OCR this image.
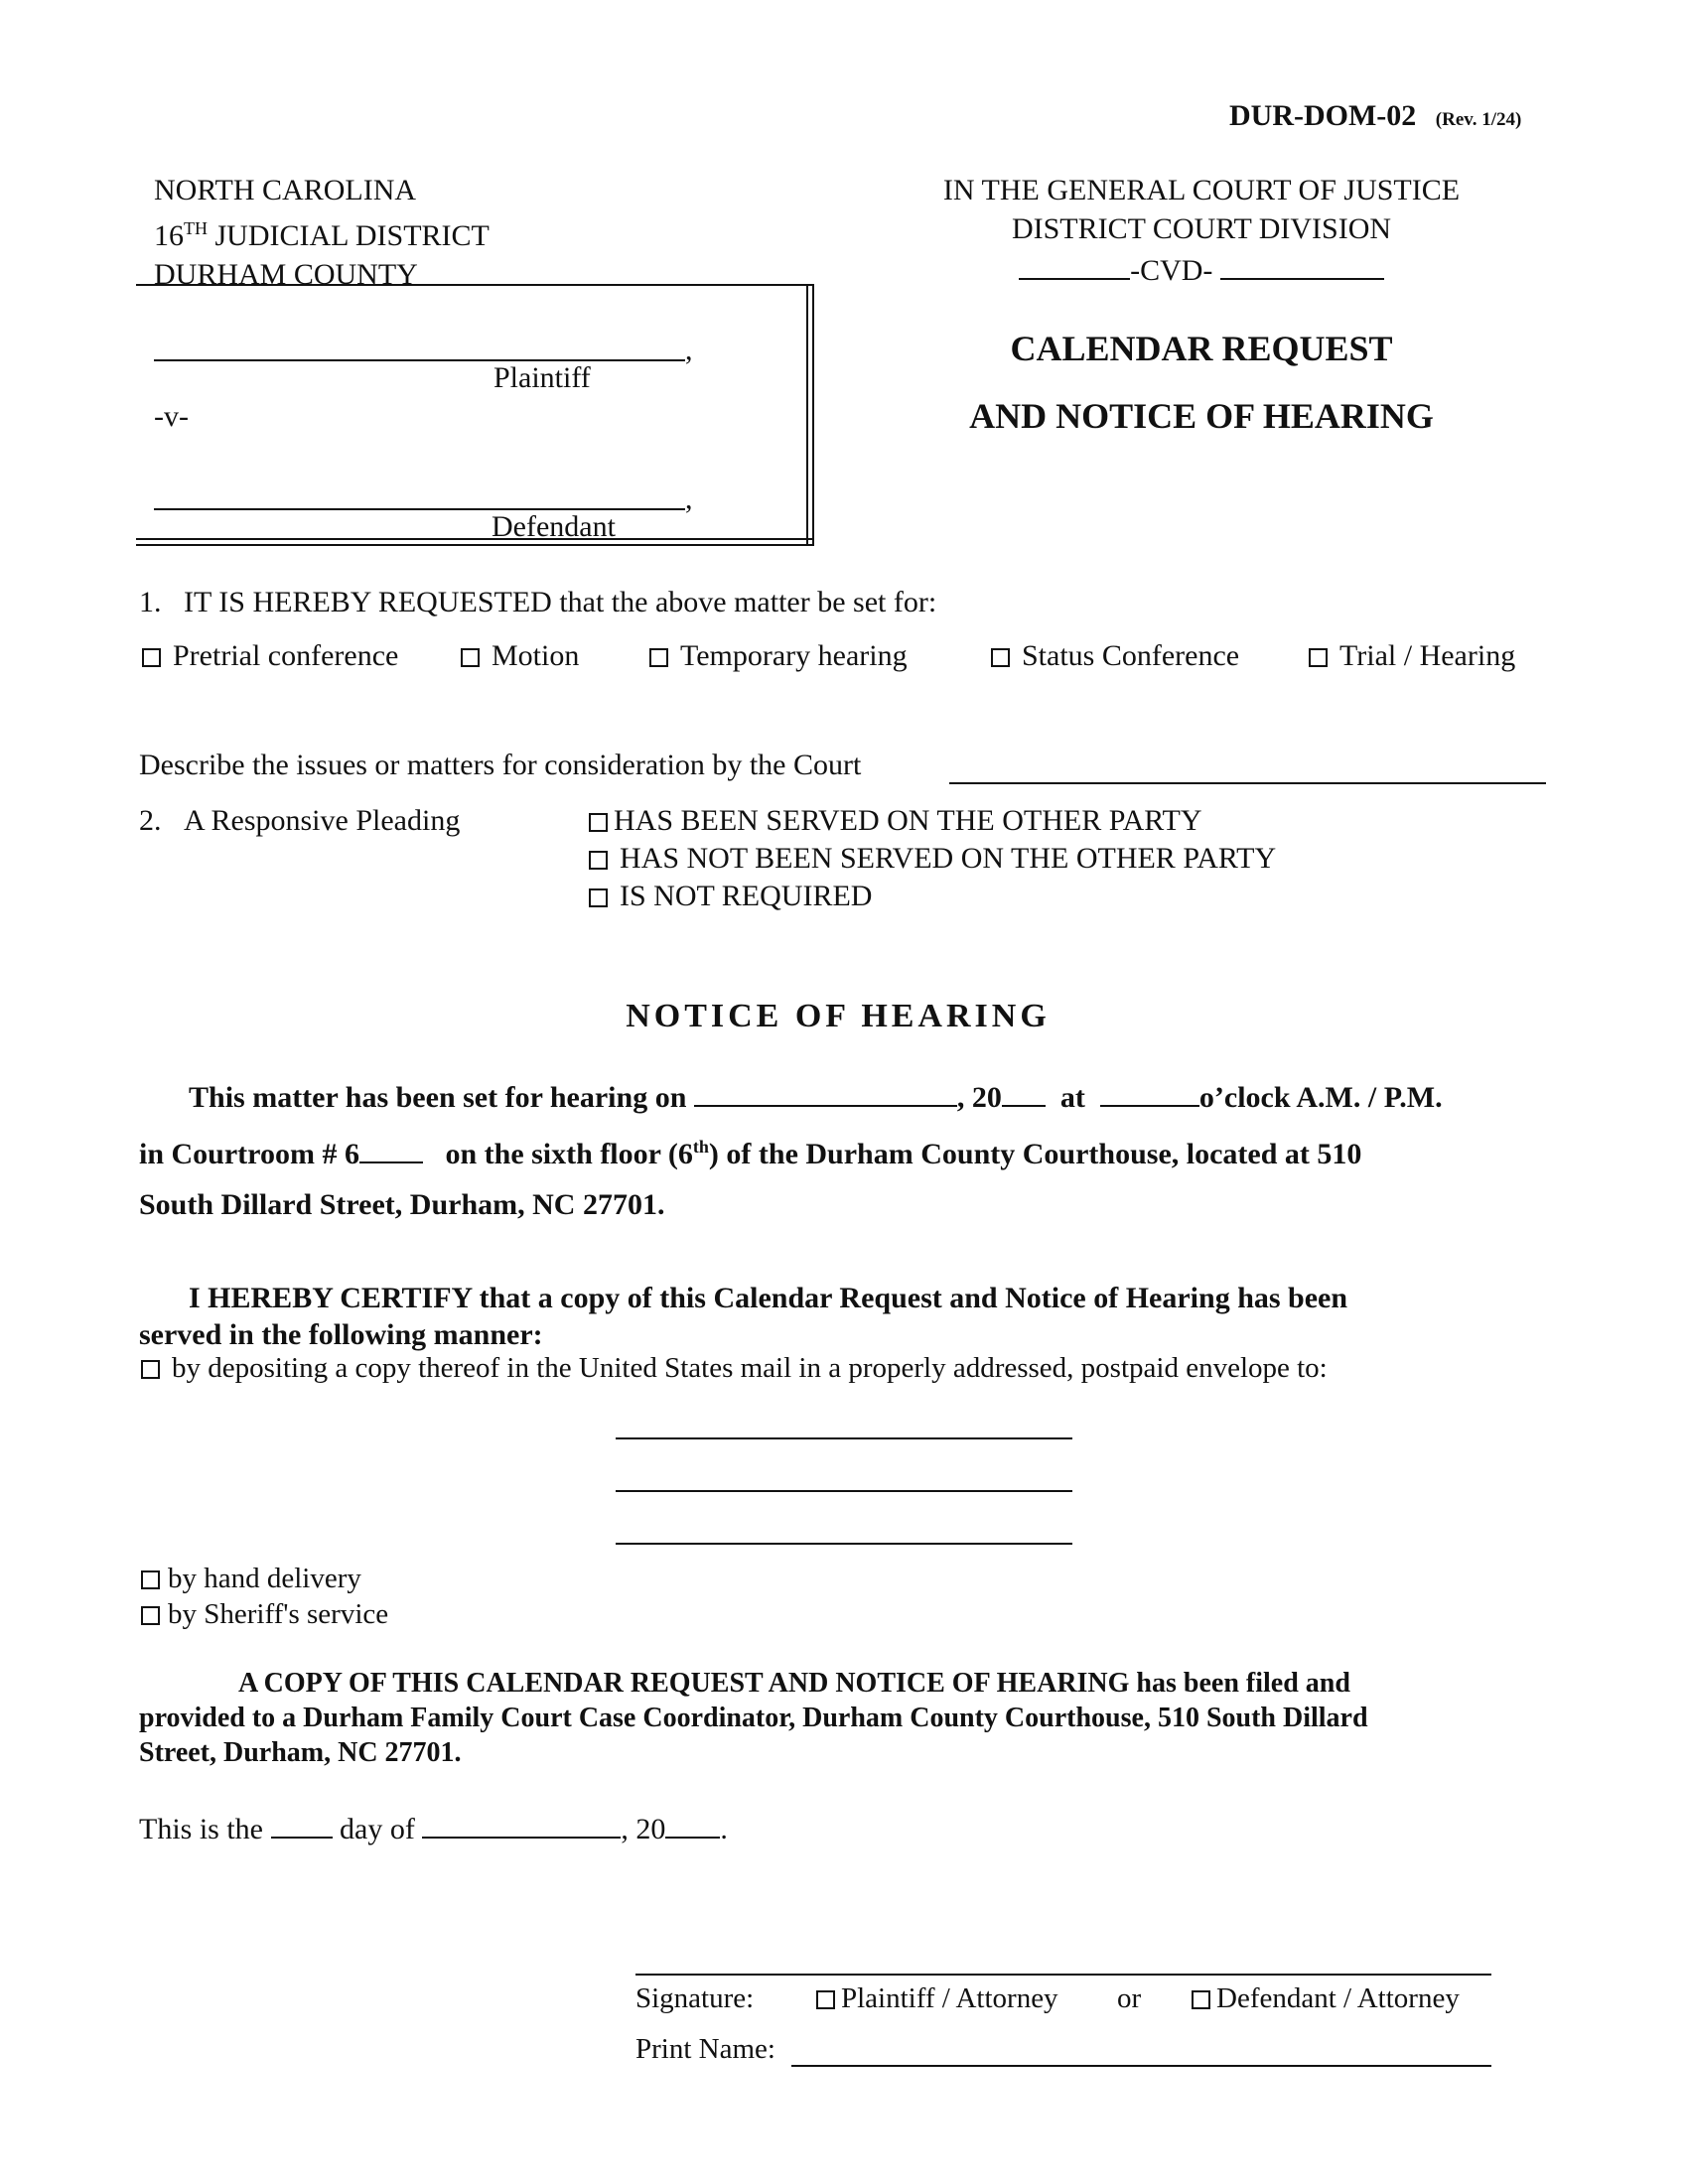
DUR-DOM-02 (Rev. 1/24)
NORTH CAROLINA
16TH JUDICIAL DISTRICT
DURHAM COUNTY
IN THE GENERAL COURT OF JUSTICE
DISTRICT COURT DIVISION
-CVD-
,
Plaintiff
-v-
,
Defendant
CALENDAR REQUEST
AND NOTICE OF HEARING
1. IT IS HEREBY REQUESTED that the above matter be set for:
Pretrial conference	Motion	Temporary hearing	Status Conference	Trial / Hearing
Describe the issues or matters for consideration by the Court
2. A Responsive Pleading	HAS BEEN SERVED ON THE OTHER PARTY
HAS NOT BEEN SERVED ON THE OTHER PARTY
IS NOT REQUIRED
NOTICE OF HEARING
This matter has been set for hearing on	, 20 at	o’clock A.M. / P.M.
in Courtroom # 6	on the sixth floor (6th) of the Durham County Courthouse, located at 510
South Dillard Street, Durham, NC 27701.
I HEREBY CERTIFY that a copy of this Calendar Request and Notice of Hearing has been
served in the following manner:
by depositing a copy thereof in the United States mail in a properly addressed, postpaid envelope to:
by hand delivery
by Sheriff's service
A COPY OF THIS CALENDAR REQUEST AND NOTICE OF HEARING has been filed and
provided to a Durham Family Court Case Coordinator, Durham County Courthouse, 510 South Dillard
Street, Durham, NC 27701.
This is the	day of	, 20 .
Signature:	Plaintiff / Attorney or	Defendant / Attorney
Print Name:
